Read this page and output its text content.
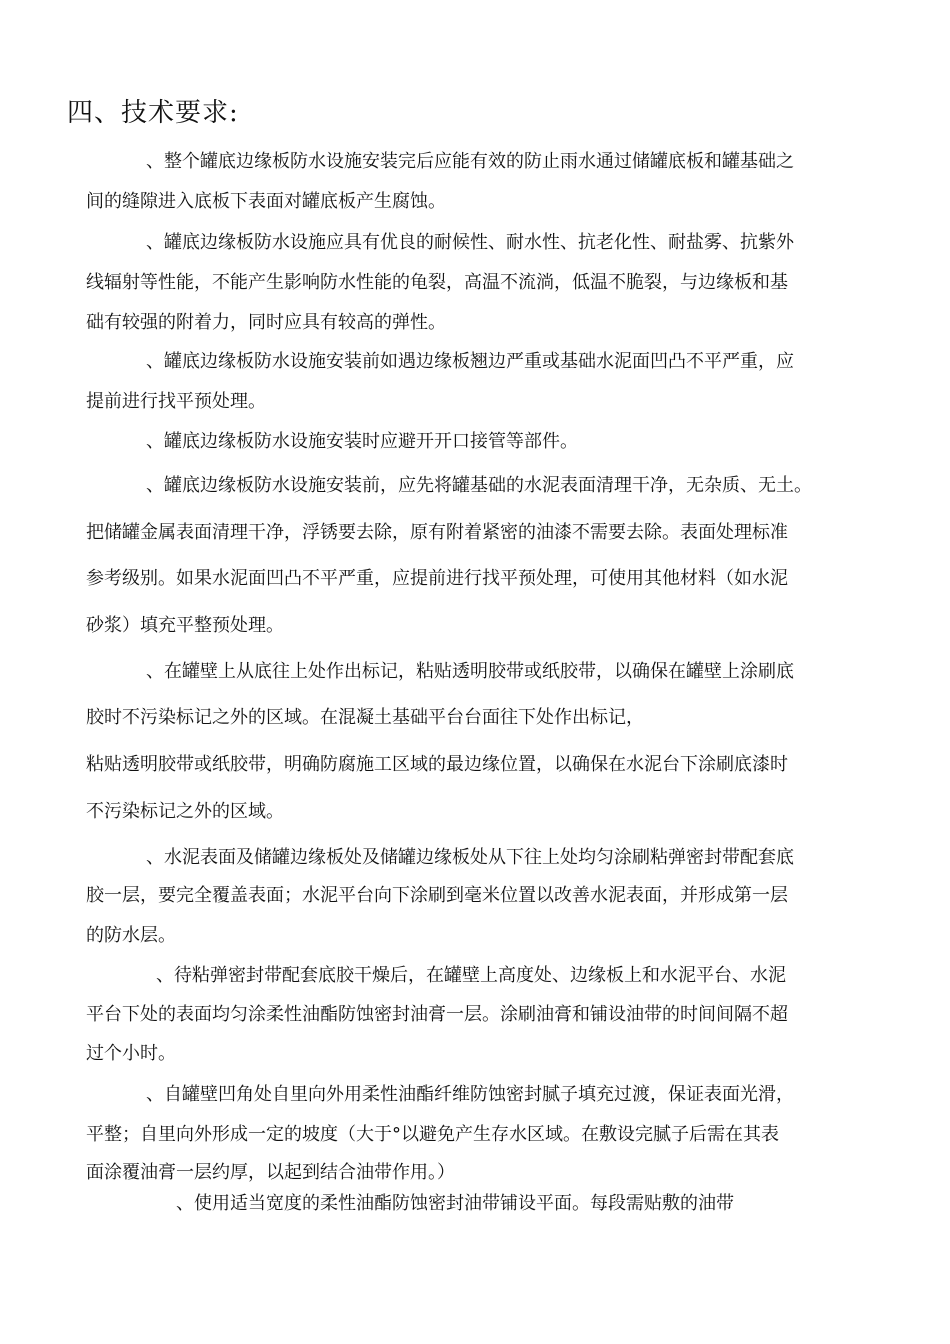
四、技术要求:
、整个罐底边缘板防水设施安装完后应能有效的防止雨水通过储罐底板和罐基础之
间的缝隙进入底板下表面对罐底板产生腐蚀。
、罐底边缘板防水设施应具有优良的耐候性、耐水性、抗老化性、耐盐雾、抗紫外
线辐射等性能，不能产生影响防水性能的龟裂，高温不流淌，低温不脆裂，与边缘板和基
础有较强的附着力，同时应具有较高的弹性。
、罐底边缘板防水设施安装前如遇边缘板翘边严重或基础水泥面凹凸不平严重，应
提前进行找平预处理。
、罐底边缘板防水设施安装时应避开开口接管等部件。
、罐底边缘板防水设施安装前，应先将罐基础的水泥表面清理干净，无杂质、无土。
把储罐金属表面清理干净，浮锈要去除，原有附着紧密的油漆不需要去除。表面处理标准
参考级别。如果水泥面凹凸不平严重，应提前进行找平预处理，可使用其他材料（如水泥
砂浆）填充平整预处理。
、在罐壁上从底往上处作出标记，粘贴透明胶带或纸胶带，以确保在罐壁上涂刷底
胶时不污染标记之外的区域。在混凝土基础平台台面往下处作出标记，
粘贴透明胶带或纸胶带，明确防腐施工区域的最边缘位置，以确保在水泥台下涂刷底漆时
不污染标记之外的区域。
、水泥表面及储罐边缘板处及储罐边缘板处从下往上处均匀涂刷粘弹密封带配套底
胶一层，要完全覆盖表面；水泥平台向下涂刷到毫米位置以改善水泥表面，并形成第一层
的防水层。
、待粘弹密封带配套底胶干燥后，在罐壁上高度处、边缘板上和水泥平台、水泥
平台下处的表面均匀涂柔性油酯防蚀密封油膏一层。涂刷油膏和铺设油带的时间间隔不超
过个小时。
、自罐壁凹角处自里向外用柔性油酯纤维防蚀密封腻子填充过渡，保证表面光滑，
平整；自里向外形成一定的坡度（大于°以避免产生存水区域。在敷设完腻子后需在其表
面涂覆油膏一层约厚，以起到结合油带作用。）
、使用适当宽度的柔性油酯防蚀密封油带铺设平面。每段需贴敷的油带
